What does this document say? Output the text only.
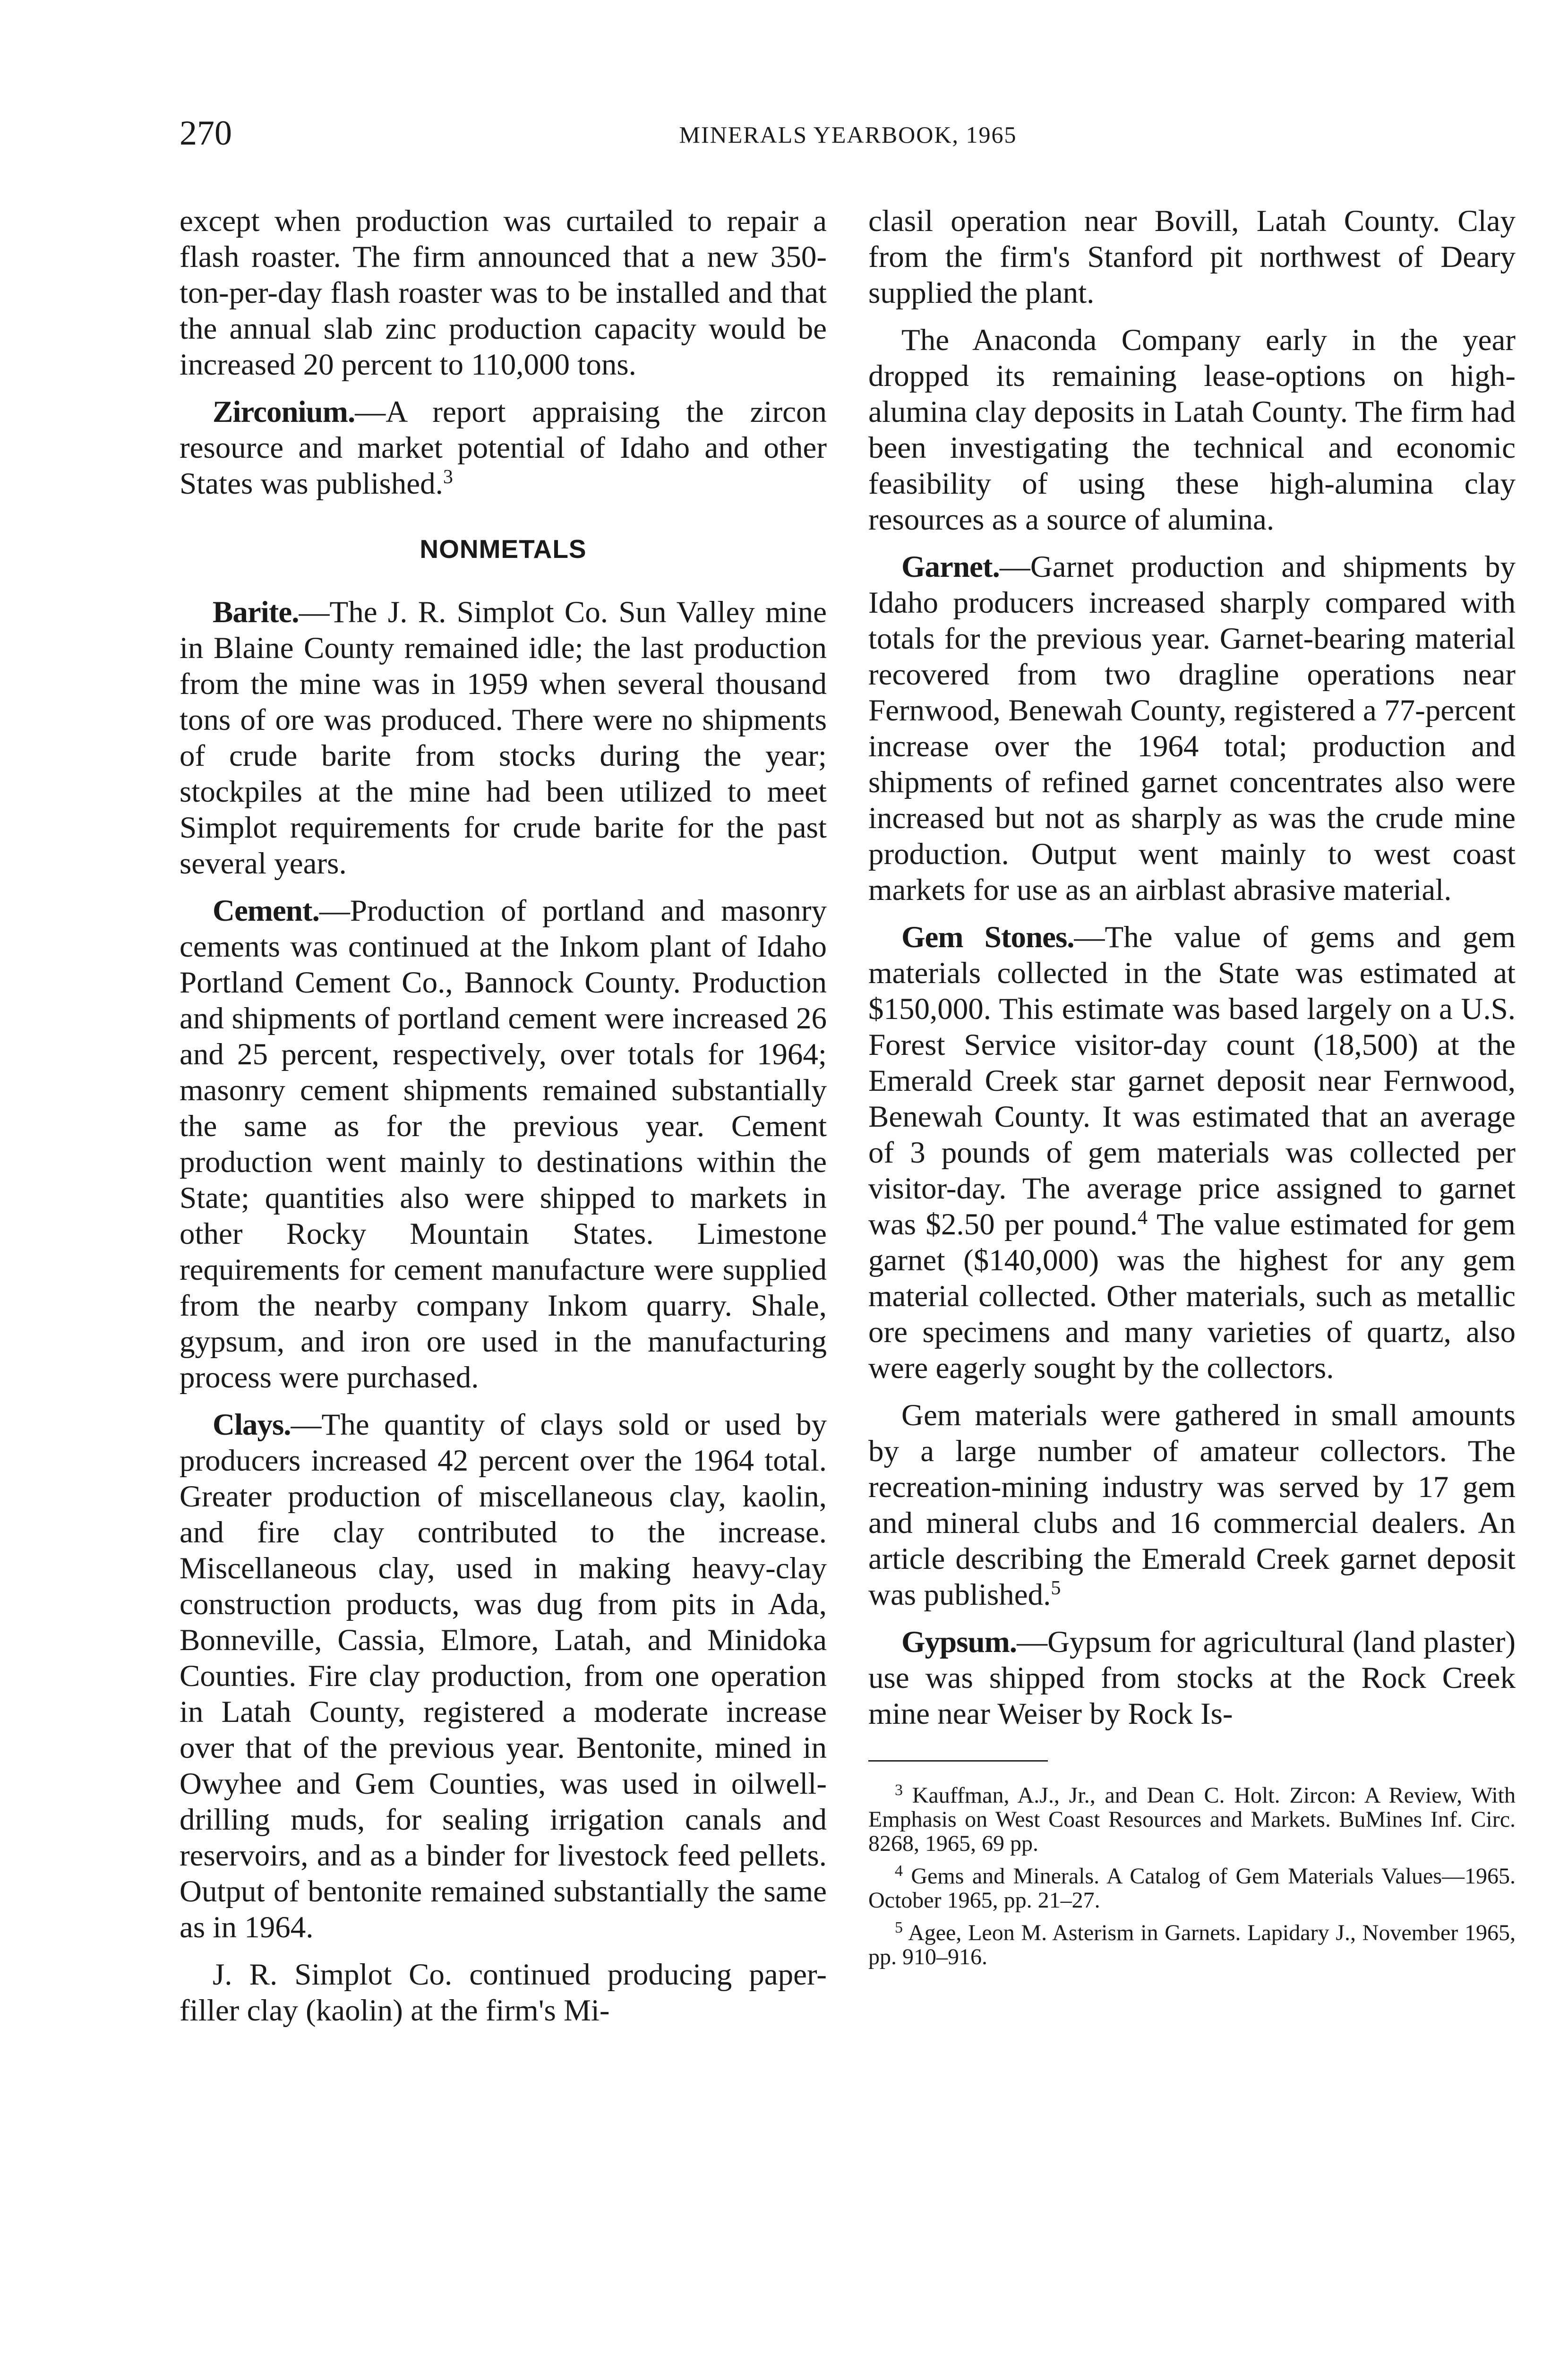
270	MINERALS YEARBOOK, 1965

except when production was curtailed to repair a flash roaster. The firm announced that a new 350-ton-per-day flash roaster was to be installed and that the annual slab zinc production capacity would be increased 20 percent to 110,000 tons.

Zirconium.—A report appraising the zircon resource and market potential of Idaho and other States was published.$^3$

NONMETALS

Barite.—The J. R. Simplot Co. Sun Valley mine in Blaine County remained idle; the last production from the mine was in 1959 when several thousand tons of ore was produced. There were no shipments of crude barite from stocks during the year; stockpiles at the mine had been utilized to meet Simplot requirements for crude barite for the past several years.

Cement.—Production of portland and masonry cements was continued at the Inkom plant of Idaho Portland Cement Co., Bannock County. Production and shipments of portland cement were increased 26 and 25 percent, respectively, over totals for 1964; masonry cement shipments remained substantially the same as for the previous year. Cement production went mainly to destinations within the State; quantities also were shipped to markets in other Rocky Mountain States. Limestone requirements for cement manufacture were supplied from the nearby company Inkom quarry. Shale, gypsum, and iron ore used in the manufacturing process were purchased.

Clays.—The quantity of clays sold or used by producers increased 42 percent over the 1964 total. Greater production of miscellaneous clay, kaolin, and fire clay contributed to the increase. Miscellaneous clay, used in making heavy-clay construction products, was dug from pits in Ada, Bonneville, Cassia, Elmore, Latah, and Minidoka Counties. Fire clay production, from one operation in Latah County, registered a moderate increase over that of the previous year. Bentonite, mined in Owyhee and Gem Counties, was used in oilwell-drilling muds, for sealing irrigation canals and reservoirs, and as a binder for livestock feed pellets. Output of bentonite remained substantially the same as in 1964.

J. R. Simplot Co. continued producing paper-filler clay (kaolin) at the firm's Mi-

clasil operation near Bovill, Latah County. Clay from the firm's Stanford pit northwest of Deary supplied the plant.

The Anaconda Company early in the year dropped its remaining lease-options on high-alumina clay deposits in Latah County. The firm had been investigating the technical and economic feasibility of using these high-alumina clay resources as a source of alumina.

Garnet.—Garnet production and shipments by Idaho producers increased sharply compared with totals for the previous year. Garnet-bearing material recovered from two dragline operations near Fernwood, Benewah County, registered a 77-percent increase over the 1964 total; production and shipments of refined garnet concentrates also were increased but not as sharply as was the crude mine production. Output went mainly to west coast markets for use as an airblast abrasive material.

Gem Stones.—The value of gems and gem materials collected in the State was estimated at $150,000. This estimate was based largely on a U.S. Forest Service visitor-day count (18,500) at the Emerald Creek star garnet deposit near Fernwood, Benewah County. It was estimated that an average of 3 pounds of gem materials was collected per visitor-day. The average price assigned to garnet was $2.50 per pound.$^4$ The value estimated for gem garnet ($140,000) was the highest for any gem material collected. Other materials, such as metallic ore specimens and many varieties of quartz, also were eagerly sought by the collectors.

Gem materials were gathered in small amounts by a large number of amateur collectors. The recreation-mining industry was served by 17 gem and mineral clubs and 16 commercial dealers. An article describing the Emerald Creek garnet deposit was published.$^5$

Gypsum.—Gypsum for agricultural (land plaster) use was shipped from stocks at the Rock Creek mine near Weiser by Rock Is-

$^3$ Kauffman, A.J., Jr., and Dean C. Holt. Zircon: A Review, With Emphasis on West Coast Resources and Markets. BuMines Inf. Circ. 8268, 1965, 69 pp.

$^4$ Gems and Minerals. A Catalog of Gem Materials Values—1965. October 1965, pp. 21–27.

$^5$ Agee, Leon M. Asterism in Garnets. Lapidary J., November 1965, pp. 910–916.
